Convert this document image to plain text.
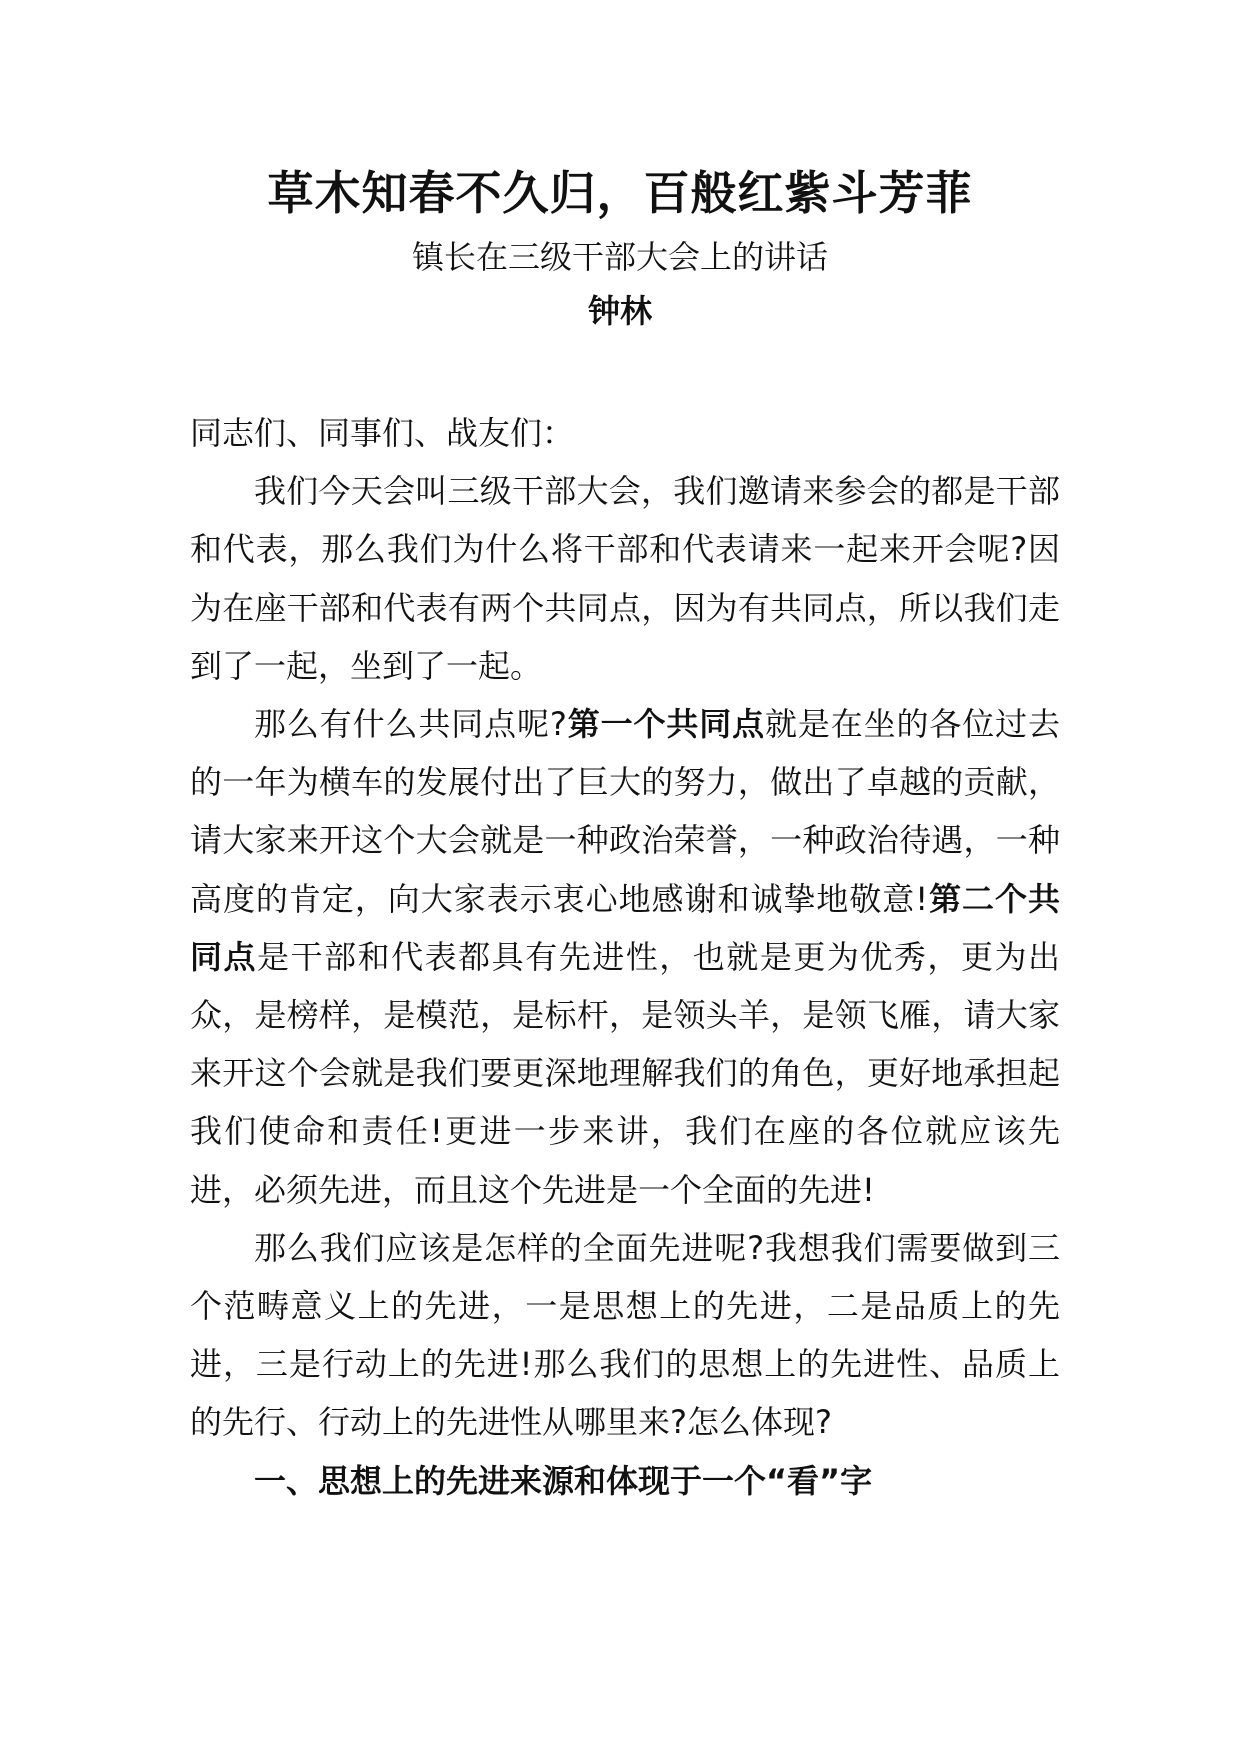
草木知春不久归，百般红紫斗芳菲
镇长在三级干部大会上的讲话
钟林

同志们、同事们、战友们：

我们今天会叫三级干部大会，我们邀请来参会的都是干部和代表，那么我们为什么将干部和代表请来一起来开会呢?因为在座干部和代表有两个共同点，因为有共同点，所以我们走到了一起，坐到了一起。

那么有什么共同点呢?第一个共同点就是在坐的各位过去的一年为横车的发展付出了巨大的努力，做出了卓越的贡献，请大家来开这个大会就是一种政治荣誉，一种政治待遇，一种高度的肯定，向大家表示衷心地感谢和诚挚地敬意!第二个共同点是干部和代表都具有先进性，也就是更为优秀，更为出众，是榜样，是模范，是标杆，是领头羊，是领飞雁，请大家来开这个会就是我们要更深地理解我们的角色，更好地承担起我们使命和责任!更进一步来讲，我们在座的各位就应该先进，必须先进，而且这个先进是一个全面的先进!

那么我们应该是怎样的全面先进呢?我想我们需要做到三个范畴意义上的先进，一是思想上的先进，二是品质上的先进，三是行动上的先进!那么我们的思想上的先进性、品质上的先行、行动上的先进性从哪里来?怎么体现?

一、思想上的先进来源和体现于一个“看”字
